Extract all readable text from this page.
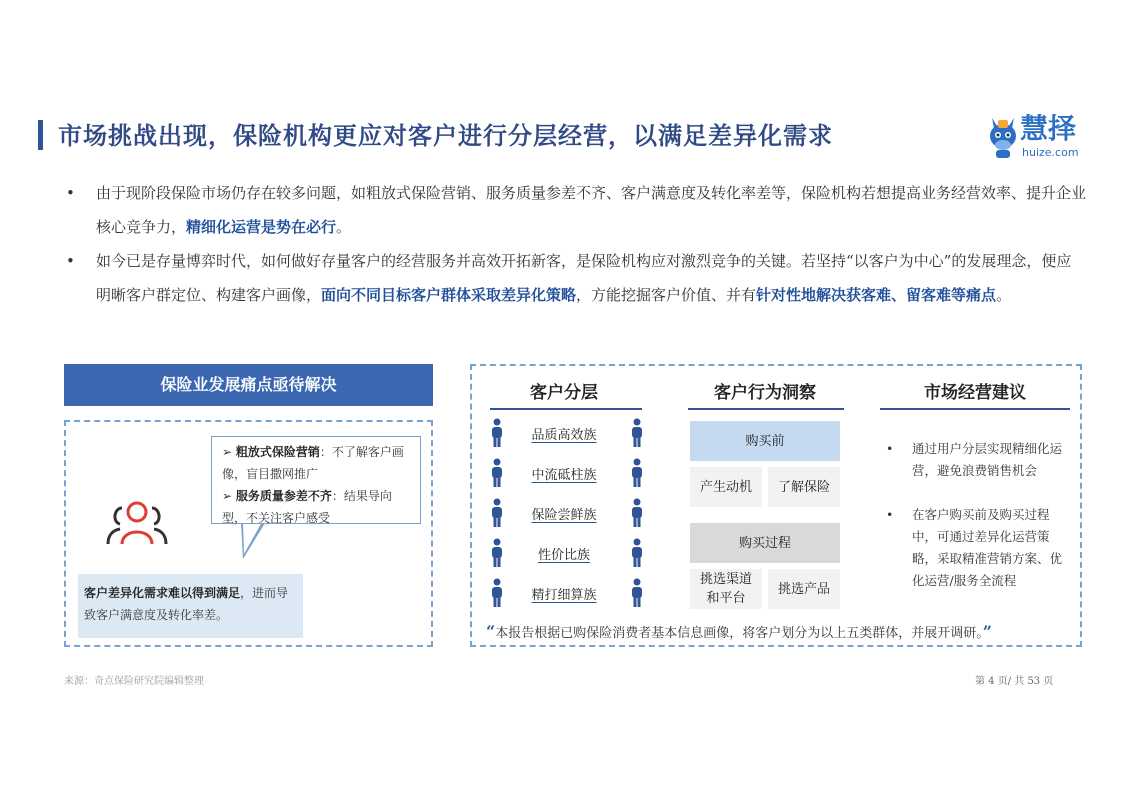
市场挑战出现，保险机构更应对客户进行分层经营，以满足差异化需求	慧择
huize.com
• 由于现阶段保险市场仍存在较多问题，如粗放式保险营销、服务质量参差不齐、客户满意度及转化率差等，保险机构若想提高业务经营效率、提升企业核心竞争力，精细化运营是势在必行。
• 如今已是存量博弈时代，如何做好存量客户的经营服务并高效开拓新客，是保险机构应对激烈竞争的关键。若坚持“以客户为中心”的发展理念，便应明晰客户群定位、构建客户画像，面向不同目标客户群体采取差异化策略，方能挖掘客户价值、并有针对性地解决获客难、留客难等痛点。
保险业发展痛点亟待解决
➢ 粗放式保险营销：不了解客户画像，盲目撒网推广
➢ 服务质量参差不齐：结果导向型，不关注客户感受
客户差异化需求难以得到满足，进而导致客户满意度及转化率差。
客户分层	客户行为洞察	市场经营建议
品质高效族
中流砥柱族
保险尝鲜族
性价比族
精打细算族
购买前
产生动机	了解保险
购买过程
挑选渠道和平台
挑选产品
• 通过用户分层实现精细化运营，避免浪费销售机会
• 在客户购买前及购买过程中，可通过差异化运营策略，采取精准营销方案、优化运营/服务全流程
“本报告根据已购保险消费者基本信息画像，将客户划分为以上五类群体，并展开调研。”
来源：奇点保险研究院编辑整理	第 4 页/ 共 53 页
